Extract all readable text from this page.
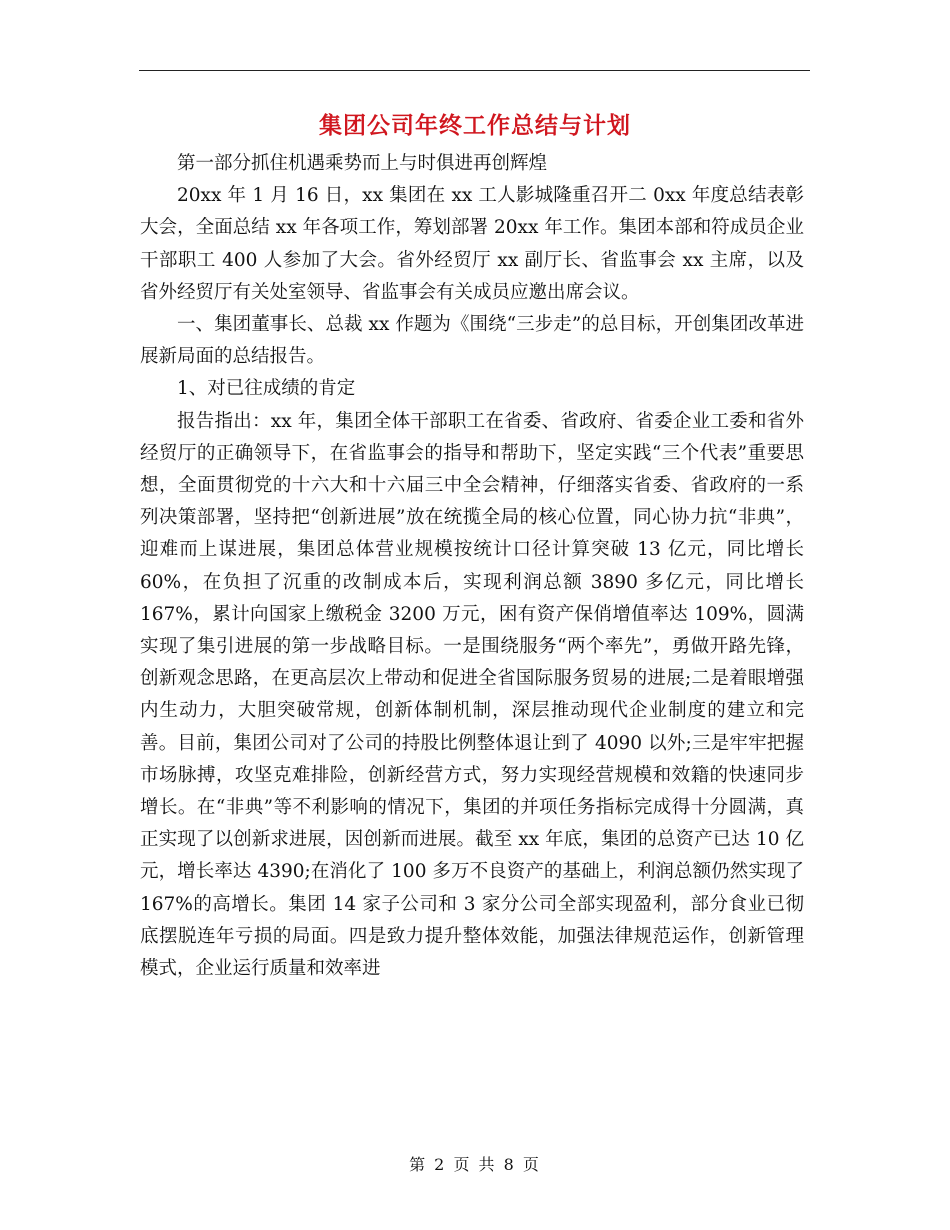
集团公司年终工作总结与计划

第一部分抓住机遇乘势而上与时俱进再创辉煌

20xx 年 1 月 16 日，xx 集团在 xx 工人影城隆重召开二 0xx 年度总结表彰大会，全面总结 xx 年各项工作，筹划部署 20xx 年工作。集团本部和符成员企业干部职工 400 人参加了大会。省外经贸厅 xx 副厅长、省监事会 xx 主席，以及省外经贸厅有关处室领导、省监事会有关成员应邀出席会议。

一、集团董事长、总裁 xx 作题为《围绕“三步走”的总目标，开创集团改革进展新局面的总结报告。

1、对已往成绩的肯定

报告指出：xx 年，集团全体干部职工在省委、省政府、省委企业工委和省外经贸厅的正确领导下，在省监事会的指导和帮助下，坚定实践“三个代表”重要思想，全面贯彻党的十六大和十六届三中全会精神，仔细落实省委、省政府的一系列决策部署，坚持把“创新进展”放在统揽全局的核心位置，同心协力抗“非典”，迎难而上谋进展，集团总体营业规模按统计口径计算突破 13 亿元，同比增长 60%，在负担了沉重的改制成本后，实现利润总额 3890 多亿元，同比增长 167%，累计向国家上缴税金 3200 万元，困有资产保俏增值率达 109%，圆满实现了集引进展的第一步战略目标。一是围绕服务“两个率先”，勇做开路先锋，创新观念思路，在更高层次上带动和促进全省国际服务贸易的进展;二是着眼增强内生动力，大胆突破常规，创新体制机制，深层推动现代企业制度的建立和完善。目前，集团公司对了公司的持股比例整体退让到了 4090 以外;三是牢牢把握市场脉搏，攻坚克难排险，创新经营方式，努力实现经营规模和效籍的快速同步增长。在“非典”等不利影响的情况下，集团的并项任务指标完成得十分圆满，真正实现了以创新求进展，因创新而进展。截至 xx 年底，集团的总资产已达 10 亿元，增长率达 4390;在消化了 100 多万不良资产的基础上，利润总额仍然实现了 167%的高增长。集团 14 家子公司和 3 家分公司全部实现盈利，部分食业已彻底摆脱连年亏损的局面。四是致力提升整体效能，加强法律规范运作，创新管理模式，企业运行质量和效率进

第 2 页 共 8 页
